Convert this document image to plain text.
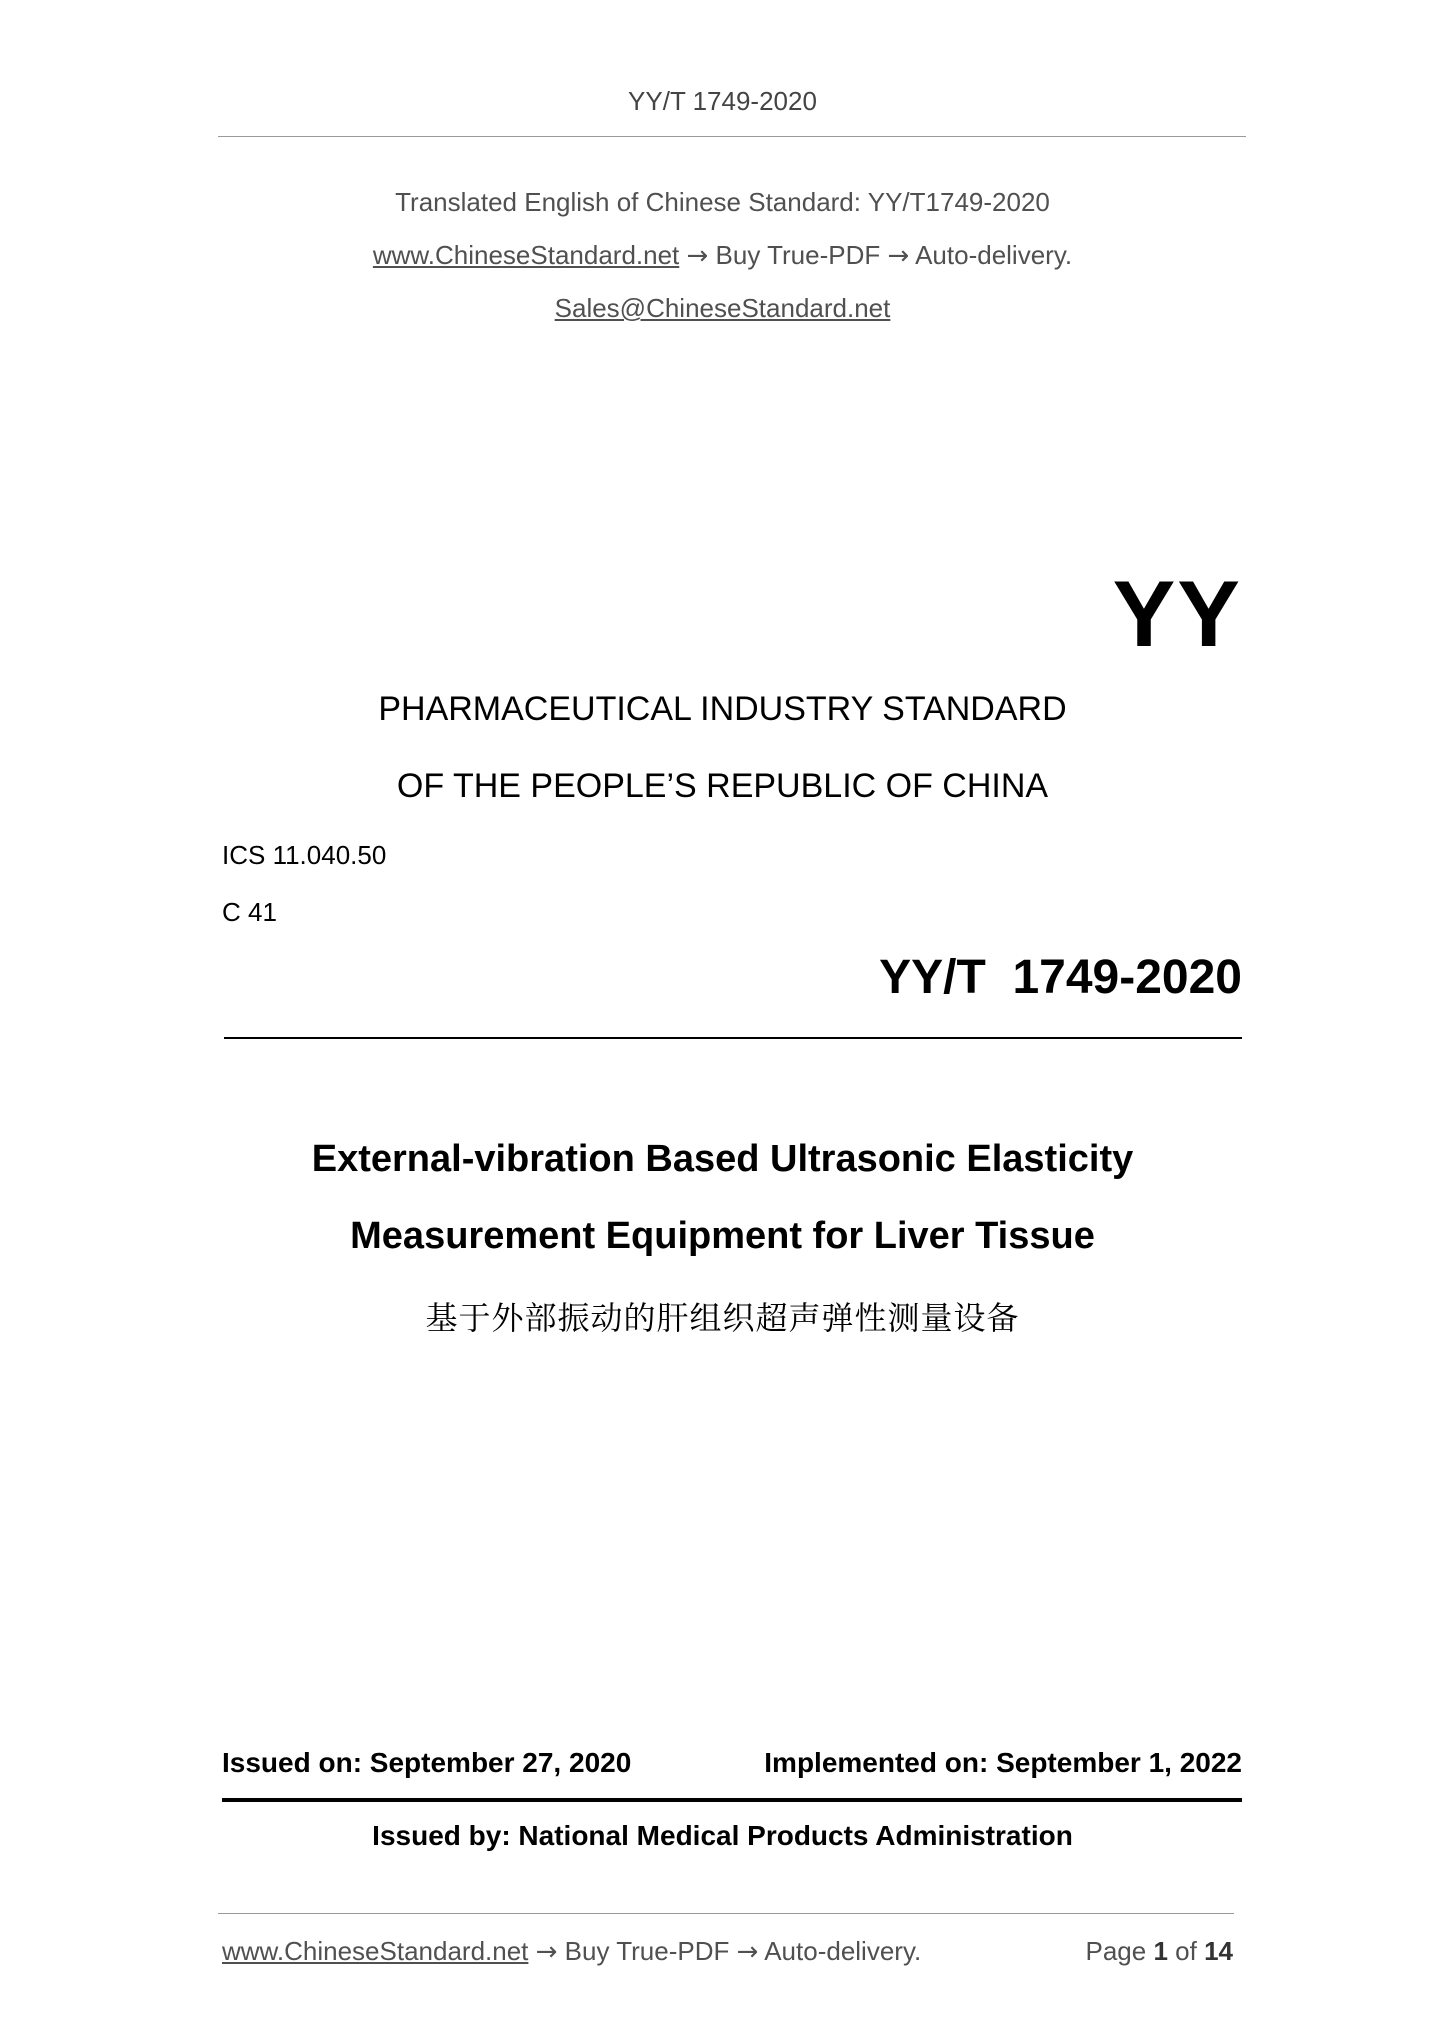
YY/T 1749-2020
Translated English of Chinese Standard: YY/T1749-2020
www.ChineseStandard.net → Buy True-PDF → Auto-delivery.
Sales@ChineseStandard.net
YY
PHARMACEUTICAL INDUSTRY STANDARD
OF THE PEOPLE’S REPUBLIC OF CHINA
ICS 11.040.50
C 41
YY/T  1749-2020
External-vibration Based Ultrasonic Elasticity
Measurement Equipment for Liver Tissue
基于外部振动的肝组织超声弹性测量设备
Issued on: September 27, 2020	Implemented on: September 1, 2022
Issued by: National Medical Products Administration
www.ChineseStandard.net → Buy True-PDF → Auto-delivery.	Page 1 of 14
